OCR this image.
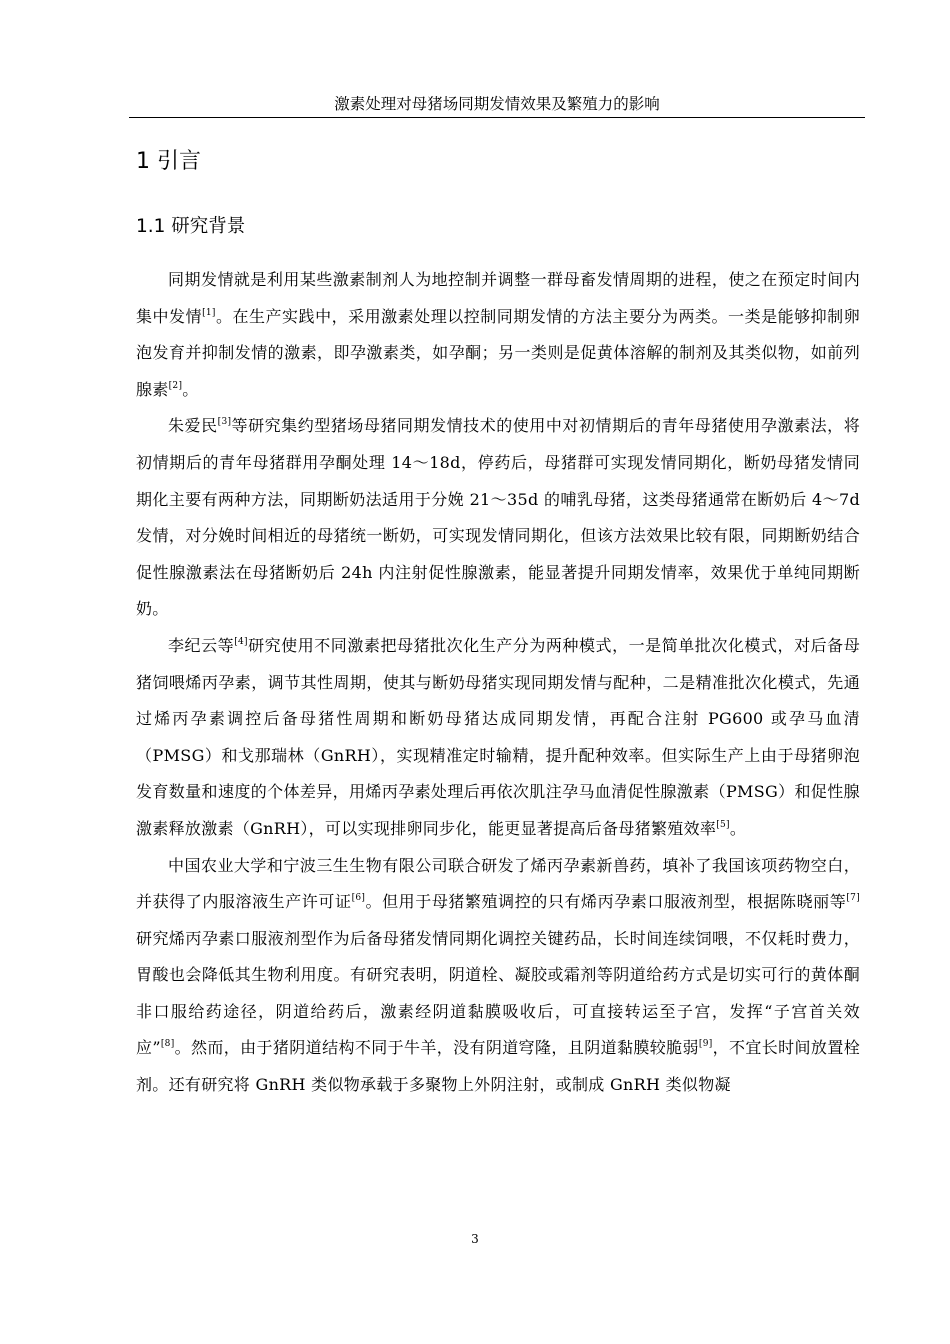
激素处理对母猪场同期发情效果及繁殖力的影响
1 引言
1.1 研究背景

同期发情就是利用某些激素制剂人为地控制并调整一群母畜发情周期的进程，使之在预定时间内集中发情[1]。在生产实践中，采用激素处理以控制同期发情的方法主要分为两类。一类是能够抑制卵泡发育并抑制发情的激素，即孕激素类，如孕酮；另一类则是促黄体溶解的制剂及其类似物，如前列腺素[2]。

朱爱民[3]等研究集约型猪场母猪同期发情技术的使用中对初情期后的青年母猪使用孕激素法，将初情期后的青年母猪群用孕酮处理 14～18d，停药后，母猪群可实现发情同期化，断奶母猪发情同期化主要有两种方法，同期断奶法适用于分娩 21～35d 的哺乳母猪，这类母猪通常在断奶后 4～7d 发情，对分娩时间相近的母猪统一断奶，可实现发情同期化，但该方法效果比较有限，同期断奶结合促性腺激素法在母猪断奶后 24h 内注射促性腺激素，能显著提升同期发情率，效果优于单纯同期断奶。

李纪云等[4]研究使用不同激素把母猪批次化生产分为两种模式，一是简单批次化模式，对后备母猪饲喂烯丙孕素，调节其性周期，使其与断奶母猪实现同期发情与配种，二是精准批次化模式，先通过烯丙孕素调控后备母猪性周期和断奶母猪达成同期发情，再配合注射 PG600 或孕马血清（PMSG）和戈那瑞林（GnRH），实现精准定时输精，提升配种效率。但实际生产上由于母猪卵泡发育数量和速度的个体差异，用烯丙孕素处理后再依次肌注孕马血清促性腺激素（PMSG）和促性腺激素释放激素（GnRH），可以实现排卵同步化，能更显著提高后备母猪繁殖效率[5]。

中国农业大学和宁波三生生物有限公司联合研发了烯丙孕素新兽药，填补了我国该项药物空白，并获得了内服溶液生产许可证[6]。但用于母猪繁殖调控的只有烯丙孕素口服液剂型，根据陈晓丽等[7]研究烯丙孕素口服液剂型作为后备母猪发情同期化调控关键药品，长时间连续饲喂，不仅耗时费力，胃酸也会降低其生物利用度。有研究表明，阴道栓、凝胶或霜剂等阴道给药方式是切实可行的黄体酮非口服给药途径，阴道给药后，激素经阴道黏膜吸收后，可直接转运至子宫，发挥“子宫首关效应”[8]。然而，由于猪阴道结构不同于牛羊，没有阴道穹隆，且阴道黏膜较脆弱[9]，不宜长时间放置栓剂。还有研究将 GnRH 类似物承载于多聚物上外阴注射，或制成 GnRH 类似物凝

3
